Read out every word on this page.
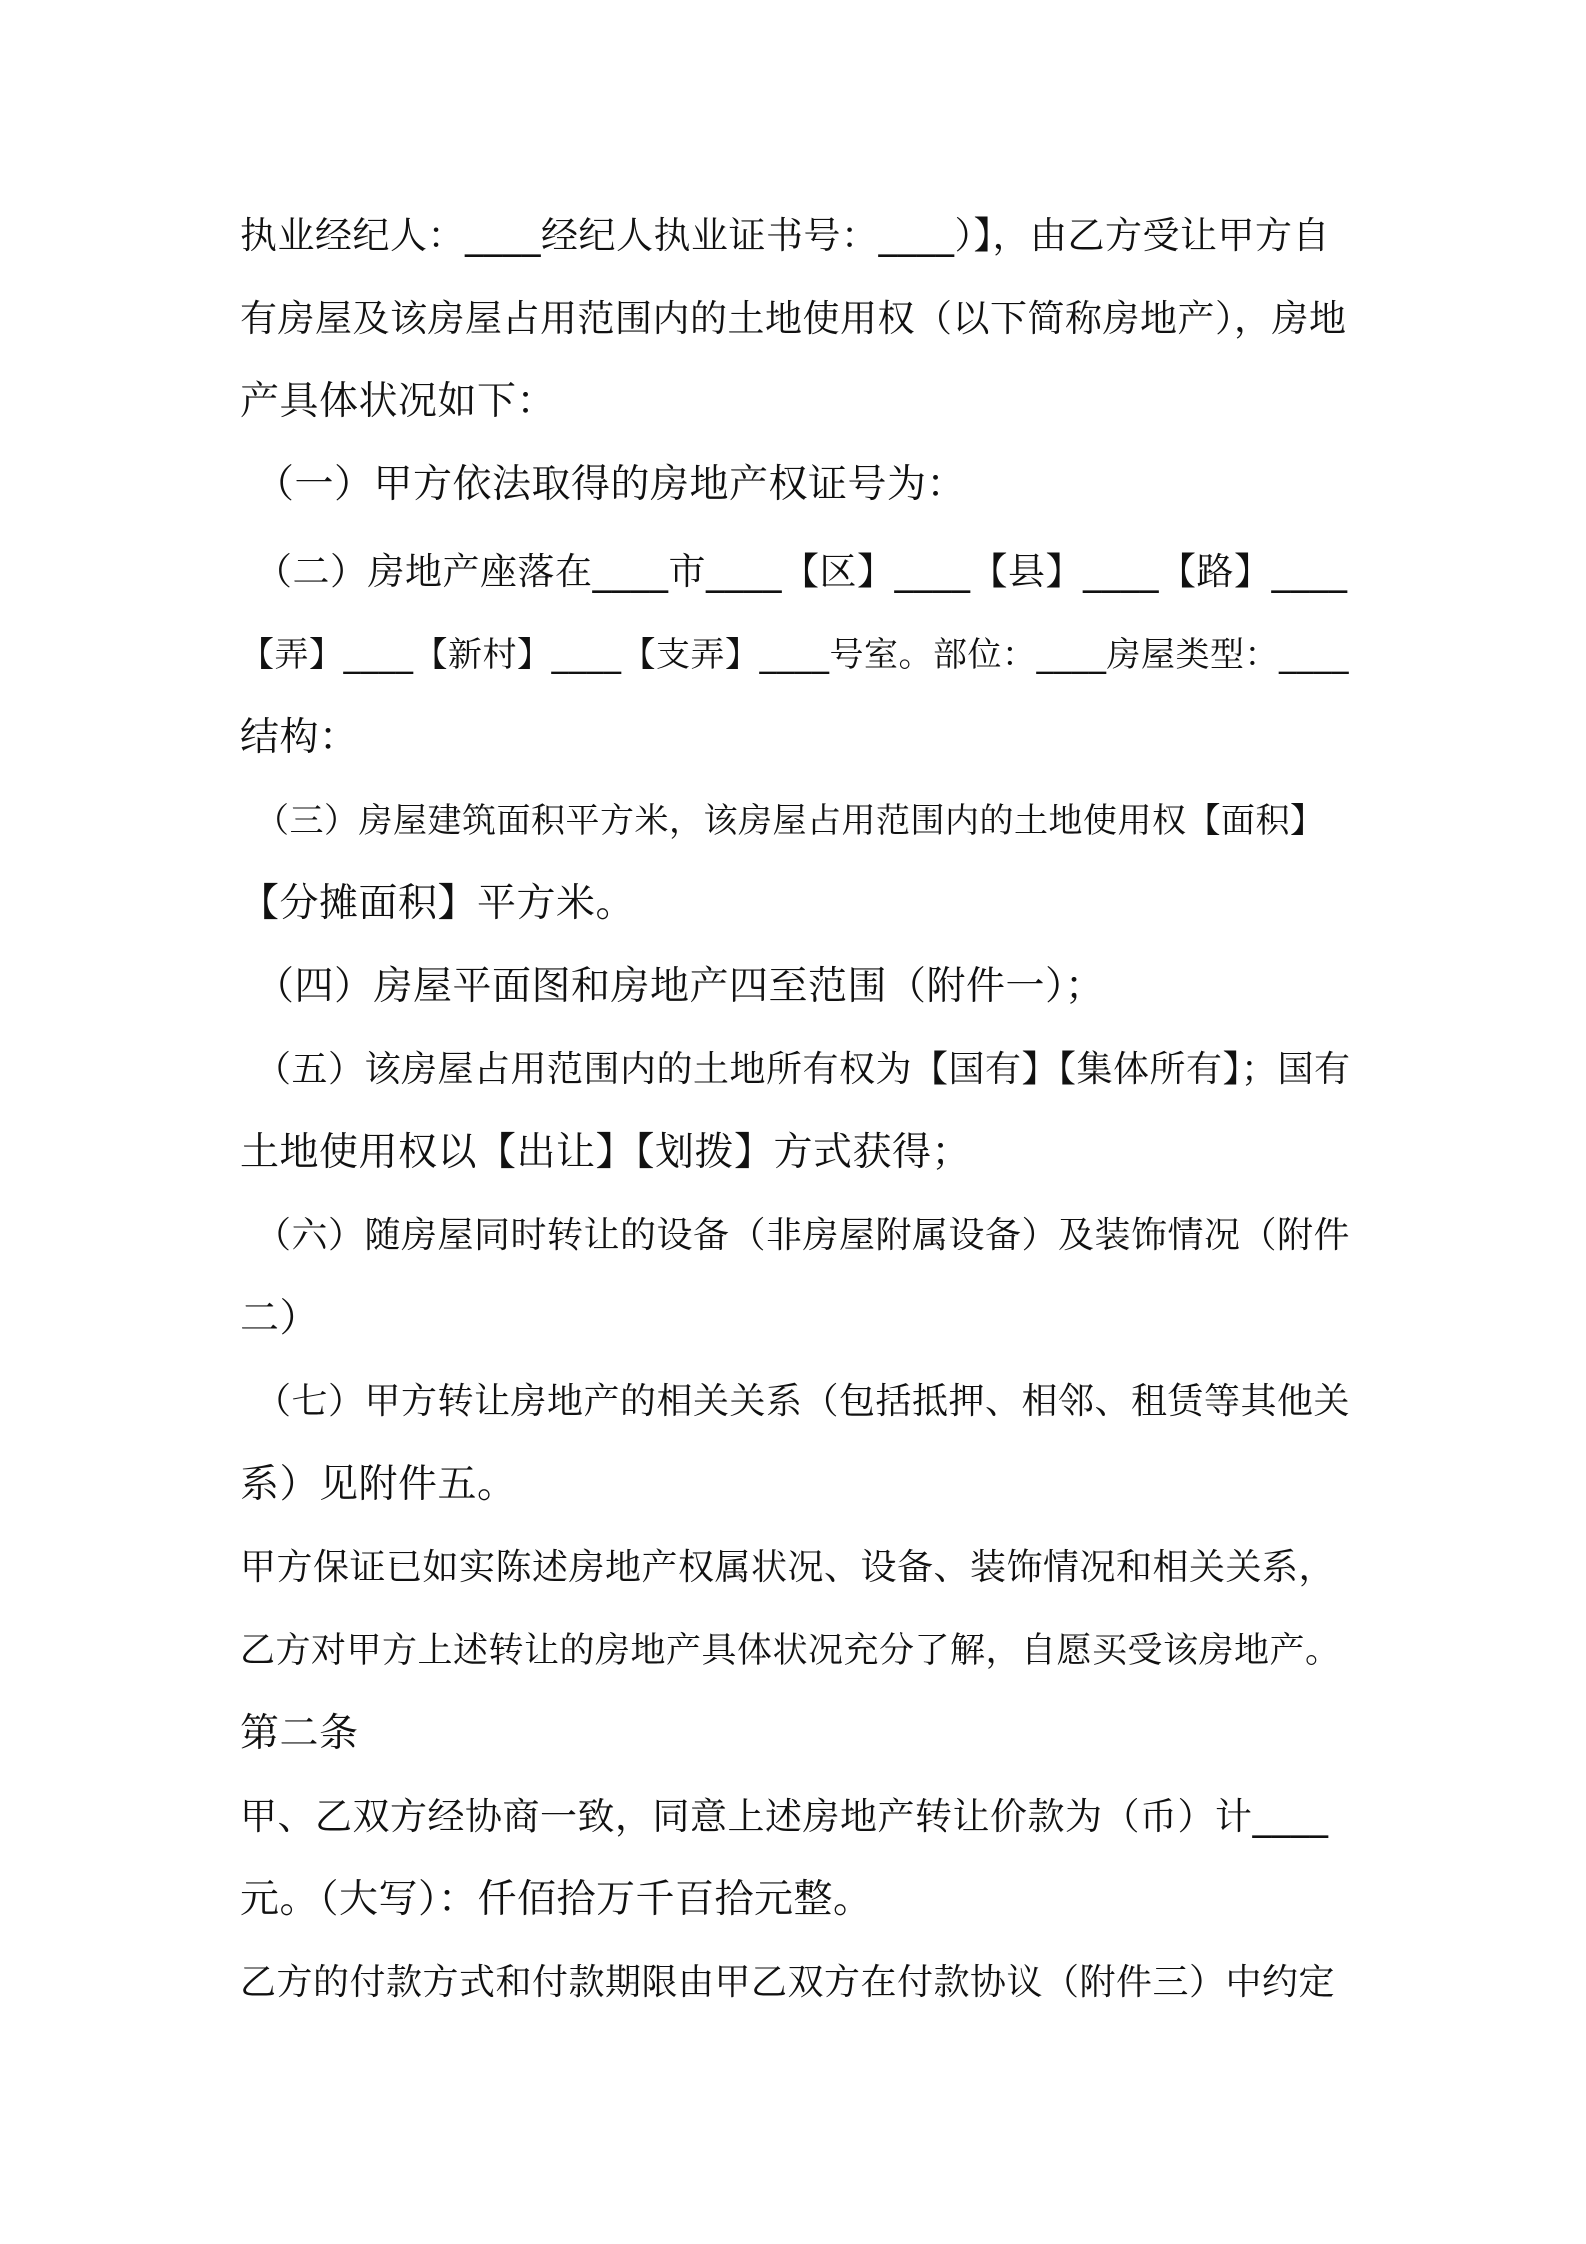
执业经纪人：____经纪人执业证书号：____）】，由乙方受让甲方自
有房屋及该房屋占用范围内的土地使用权（以下简称房地产），房地
产具体状况如下：
（一）甲方依法取得的房地产权证号为：
（二）房地产座落在____市____【区】____【县】____【路】____
【弄】____【新村】____【支弄】____号室。部位：____房屋类型：____
结构：
（三）房屋建筑面积平方米，该房屋占用范围内的土地使用权【面积】
【分摊面积】平方米。
（四）房屋平面图和房地产四至范围（附件一）；
（五）该房屋占用范围内的土地所有权为【国有】【集体所有】；国有
土地使用权以【出让】【划拨】方式获得；
（六）随房屋同时转让的设备（非房屋附属设备）及装饰情况（附件
二）
（七）甲方转让房地产的相关关系（包括抵押、相邻、租赁等其他关
系）见附件五。
甲方保证已如实陈述房地产权属状况、设备、装饰情况和相关关系，
乙方对甲方上述转让的房地产具体状况充分了解，自愿买受该房地产。
第二条
甲、乙双方经协商一致，同意上述房地产转让价款为（币）计____
元。（大写）：仟佰拾万千百拾元整。
乙方的付款方式和付款期限由甲乙双方在付款协议（附件三）中约定
